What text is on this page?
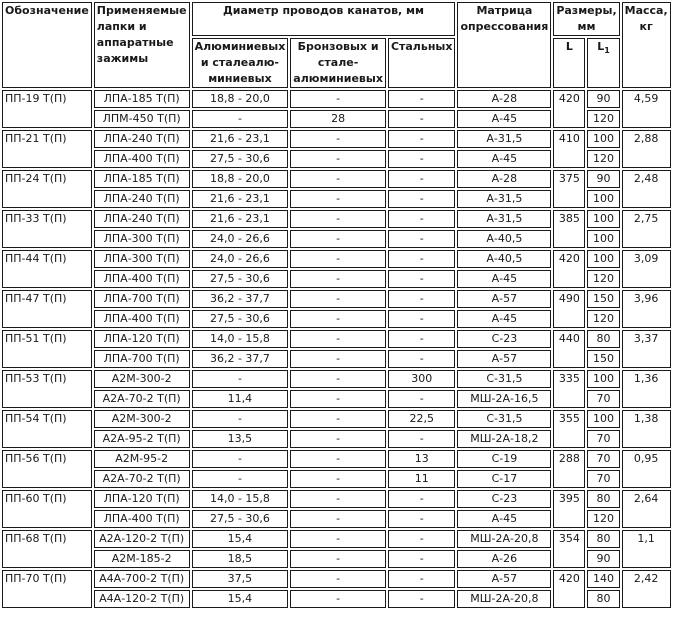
Обозначение	Применяемые лапки и аппаратные зажимы	Диаметр проводов канатов, мм			Матрица опрессования	Размеры, мм		Масса, кг
		Алюминиевых и сталеалю-миниевых	Бронзовых и стале-алюминиевых	Стальных		L	$L_1$
ПП-19 Т(П)	ЛПА-185 Т(П)	18,8 - 20,0	-	-	А-28	420	90	4,59
	ЛПМ-450 Т(П)	-	28	-	А-45		120	
ПП-21 Т(П)	ЛПА-240 Т(П)	21,6 - 23,1	-	-	А-31,5	410	100	2,88
	ЛПА-400 Т(П)	27,5 - 30,6	-	-	А-45		120	
ПП-24 Т(П)	ЛПА-185 Т(П)	18,8 - 20,0	-	-	А-28	375	90	2,48
	ЛПА-240 Т(П)	21,6 - 23,1	-	-	А-31,5		100	
ПП-33 Т(П)	ЛПА-240 Т(П)	21,6 - 23,1	-	-	А-31,5	385	100	2,75
	ЛПА-300 Т(П)	24,0 - 26,6	-	-	А-40,5		100	
ПП-44 Т(П)	ЛПА-300 Т(П)	24,0 - 26,6	-	-	А-40,5	420	100	3,09
	ЛПА-400 Т(П)	27,5 - 30,6	-	-	А-45		120	
ПП-47 Т(П)	ЛПА-700 Т(П)	36,2 - 37,7	-	-	А-57	490	150	3,96
	ЛПА-400 Т(П)	27,5 - 30,6	-	-	А-45		120	
ПП-51 Т(П)	ЛПА-120 Т(П)	14,0 - 15,8	-	-	С-23	440	80	3,37
	ЛПА-700 Т(П)	36,2 - 37,7	-	-	А-57		150	
ПП-53 Т(П)	А2М-300-2	-	-	300	С-31,5	335	100	1,36
	А2А-70-2 Т(П)	11,4	-	-	МШ-2А-16,5		70	
ПП-54 Т(П)	А2М-300-2	-	-	22,5	С-31,5	355	100	1,38
	А2А-95-2 Т(П)	13,5	-	-	МШ-2А-18,2		70	
ПП-56 Т(П)	А2М-95-2	-	-	13	С-19	288	70	0,95
	А2А-70-2 Т(П)	-	-	11	С-17		70	
ПП-60 Т(П)	ЛПА-120 Т(П)	14,0 - 15,8	-	-	С-23	395	80	2,64
	ЛПА-400 Т(П)	27,5 - 30,6	-	-	А-45		120	
ПП-68 Т(П)	А2А-120-2 Т(П)	15,4	-	-	МШ-2А-20,8	354	80	1,1
	А2М-185-2	18,5	-	-	А-26		90	
ПП-70 Т(П)	А4А-700-2 Т(П)	37,5	-	-	А-57	420	140	2,42
	А4А-120-2 Т(П)	15,4	-	-	МШ-2А-20,8		80	
